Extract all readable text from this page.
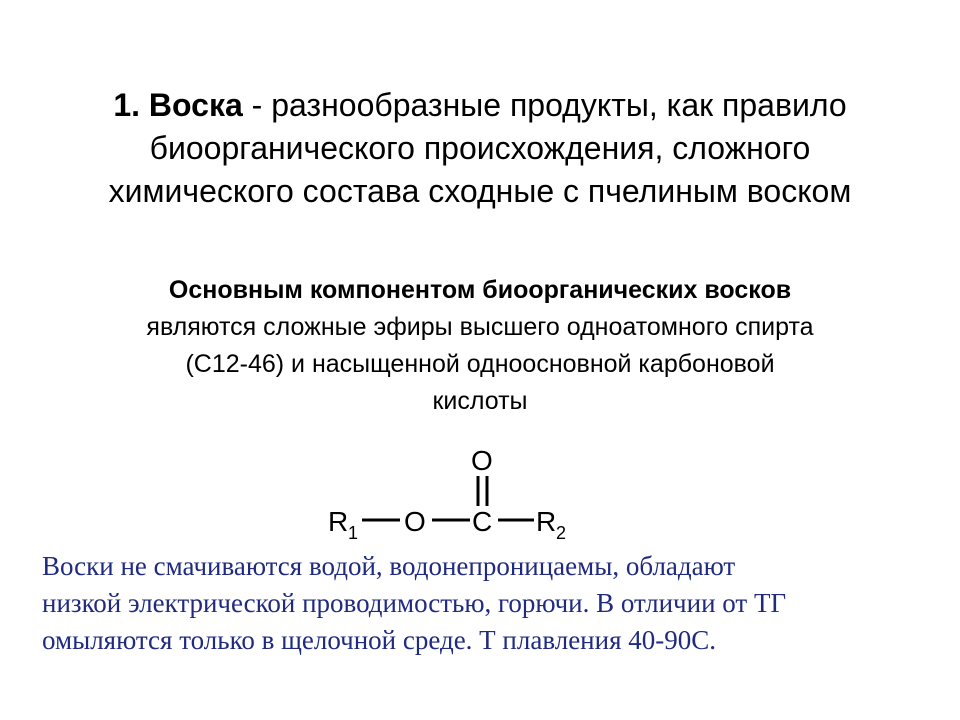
1. Воска - разнообразные продукты, как правило
биоорганического происхождения, сложного
химического состава сходные с пчелиным воском
Основным компонентом биоорганических восков
являются сложные эфиры высшего одноатомного спирта
(С12-46) и насыщенной одноосновной карбоновой
кислоты
R 1 O C
O
R 2
Воски не смачиваются водой, водонепроницаемы, обладают
низкой электрической проводимостью, горючи. В отличии от ТГ
омыляются только в щелочной среде. Т плавления 40-90С.
